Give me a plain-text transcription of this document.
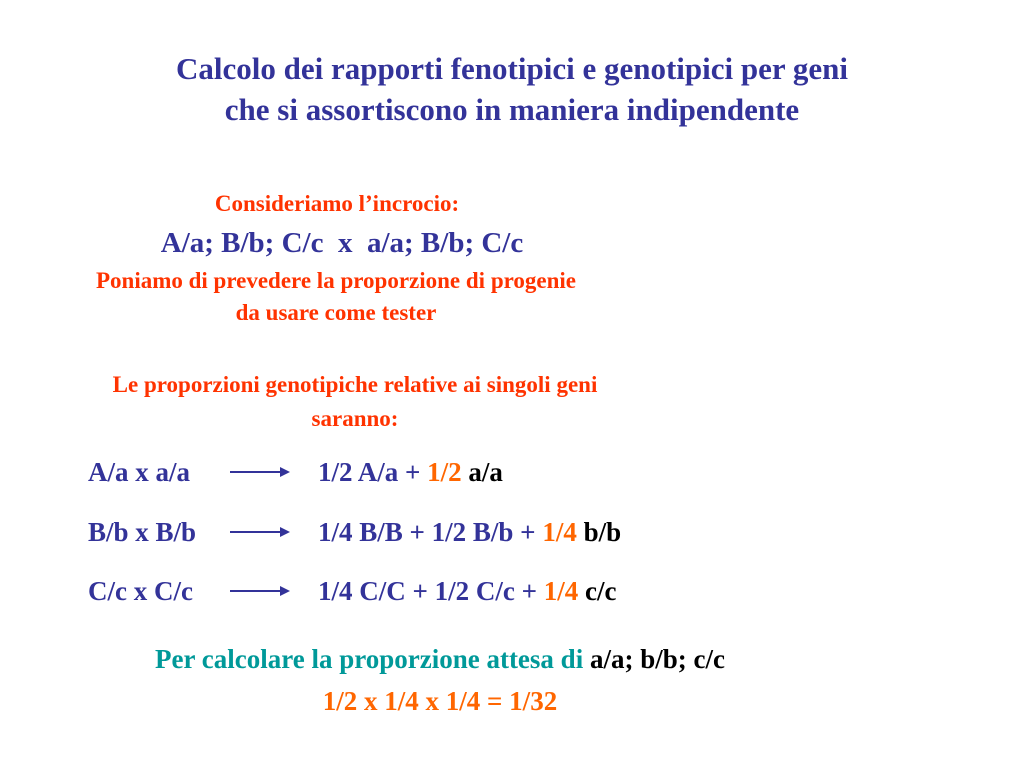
Calcolo dei rapporti fenotipici e genotipici per geni
che si assortiscono in maniera indipendente
Consideriamo l’incrocio:
A/a; B/b; C/c  x  a/a; B/b; C/c
Poniamo di prevedere la proporzione di progenie
da usare come tester
Le proporzioni genotipiche relative ai singoli geni
saranno:
A/a x a/a	1/2 A/a + 1/2 a/a
B/b x B/b	1/4 B/B + 1/2 B/b + 1/4 b/b
C/c x C/c	1/4 C/C + 1/2 C/c + 1/4 c/c
Per calcolare la proporzione attesa di a/a; b/b; c/c
1/2 x 1/4 x 1/4 = 1/32
